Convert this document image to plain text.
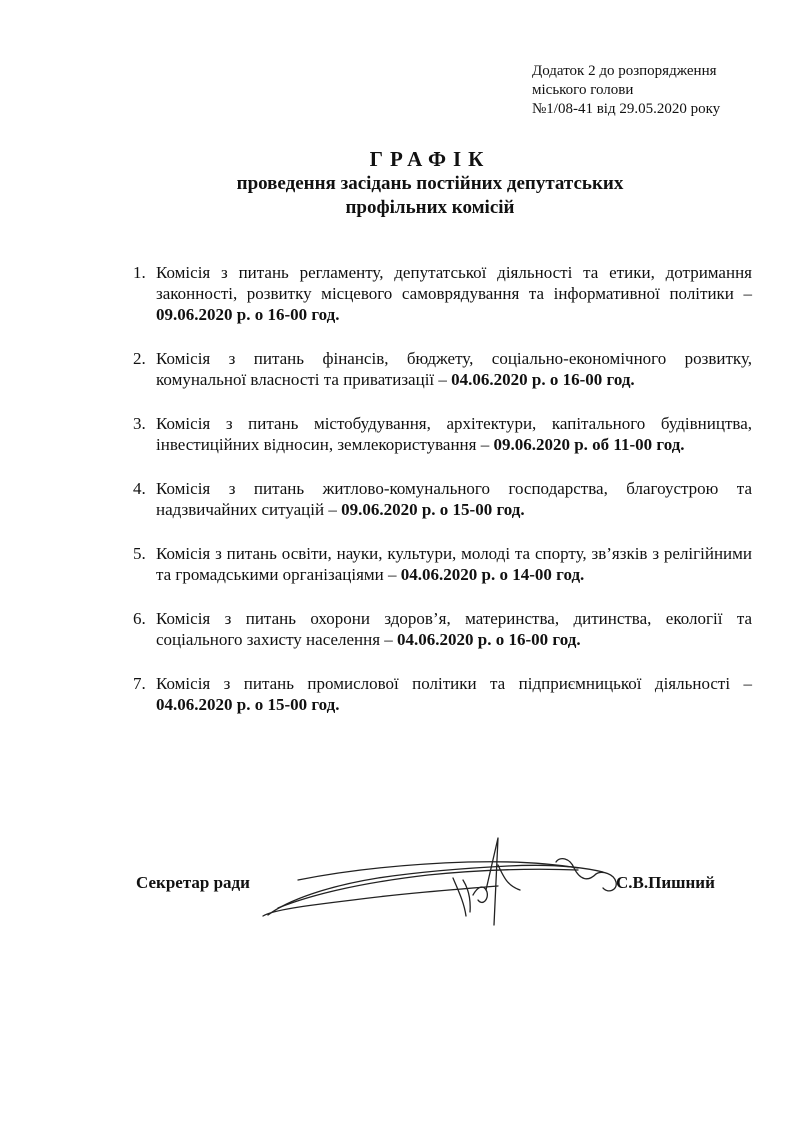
Додаток 2 до розпорядження
міського голови
№1/08-41 від 29.05.2020 року
ГРАФІК
проведення засідань постійних депутатських
профільних комісій
1. Комісія з питань регламенту, депутатської діяльності та етики, дотримання законності, розвитку місцевого самоврядування та інформативної політики – 09.06.2020 р. о 16-00 год.
2. Комісія з питань фінансів, бюджету, соціально-економічного розвитку, комунальної власності та приватизації – 04.06.2020 р. о 16-00 год.
3. Комісія з питань містобудування, архітектури, капітального будівництва, інвестиційних відносин, землекористування – 09.06.2020 р. об 11-00 год.
4. Комісія з питань житлово-комунального господарства, благоустрою та надзвичайних ситуацій – 09.06.2020 р. о 15-00 год.
5. Комісія з питань освіти, науки, культури, молоді та спорту, зв’язків з релігійними та громадськими організаціями – 04.06.2020 р. о 14-00 год.
6. Комісія з питань охорони здоров’я, материнства, дитинства, екології та соціального захисту населення – 04.06.2020 р. о 16-00 год.
7. Комісія з питань промислової політики та підприємницької діяльності – 04.06.2020 р. о 15-00 год.
Секретар ради	С.В.Пишний
